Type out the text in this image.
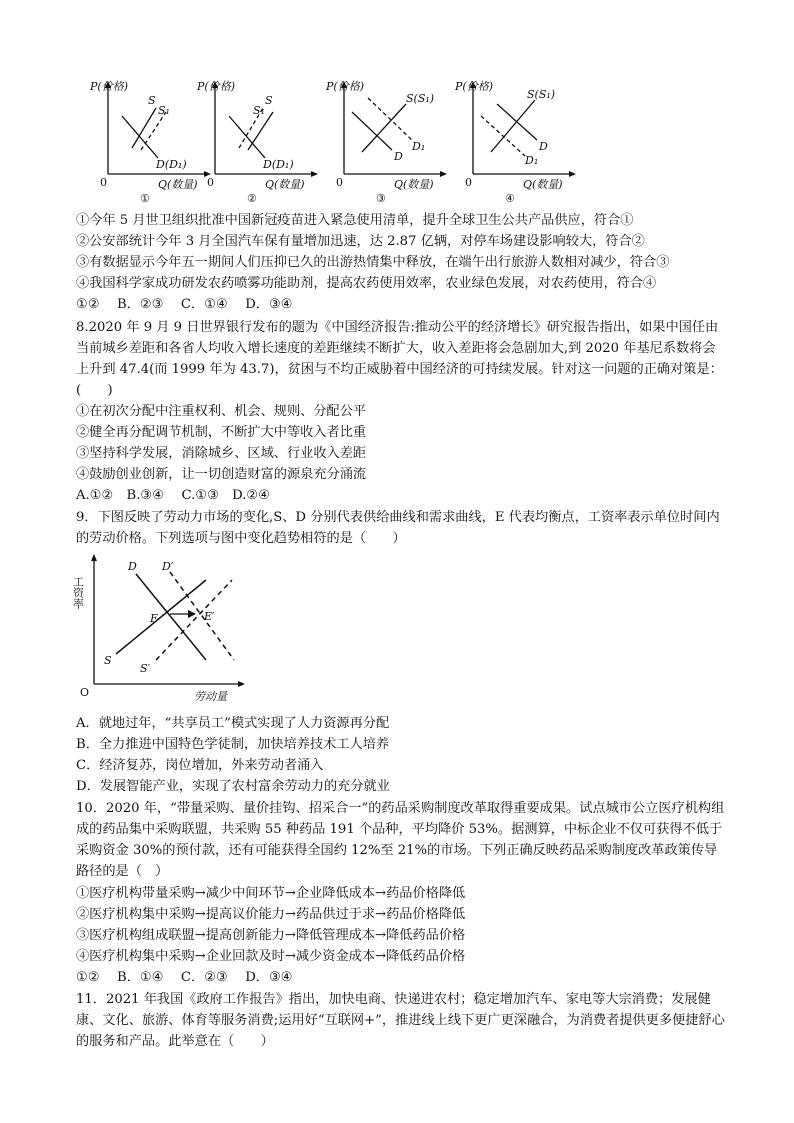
P(价格)
Q(数量)
0
S
S₁
D(D₁)
①
P(价格)
Q(数量)
0
S
S₁
D(D₁)
②
P(价格)
Q(数量)
0
S(S₁)
D₁
D
③
P(价格)
Q(数量)
0
S(S₁)
D
D₁
④
①今年 5 月世卫组织批准中国新冠疫苗进入紧急使用清单，提升全球卫生公共产品供应，符合①
②公安部统计今年 3 月全国汽车保有量增加迅速，达 2.87 亿辆，对停车场建设影响较大，符合②
③有数据显示今年五一期间人们压抑已久的出游热情集中释放，在端午出行旅游人数相对减少，符合③
④我国科学家成功研发农药喷雾功能助剂，提高农药使用效率，农业绿色发展，对农药使用，符合④
①②　 B．②③　 C．①④　 D．③④
8.2020 年 9 月 9 日世界银行发布的题为《中国经济报告:推动公平的经济增长》研究报告指出，如果中国任由当前城乡差距和各省人均收入增长速度的差距继续不断扩大，收入差距将会急剧加大,到 2020 年基尼系数将会上升到 47.4(而 1999 年为 43.7)，贫困与不均正威胁着中国经济的可持续发展。针对这一问题的正确对策是：(　　)
①在初次分配中注重权利、机会、规则、分配公平
②健全再分配调节机制，不断扩大中等收入者比重
③坚持科学发展，消除城乡、区域、行业收入差距
④鼓励创业创新，让一切创造财富的源泉充分涌流
A.①②　B.③④　 C.①③　D.②④
9．下图反映了劳动力市场的变化,S、D 分别代表供给曲线和需求曲线，E 代表均衡点，工资率表示单位时间内的劳动价格。下列选项与图中变化趋势相符的是（　　）
工资率
劳动量
O
D D′
S
S′
E	E′
A．就地过年，“共享员工”模式实现了人力资源再分配
B．全力推进中国特色学徒制，加快培养技术工人培养
C．经济复苏，岗位增加，外来劳动者涌入
D．发展智能产业，实现了农村富余劳动力的充分就业
10．2020 年，“带量采购、量价挂钩、招采合一”的药品采购制度改革取得重要成果。试点城市公立医疗机构组成的药品集中采购联盟，共采购 55 种药品 191 个品种，平均降价 53%。据测算，中标企业不仅可获得不低于采购资金 30%的预付款，还有可能获得全国约 12%至 21%的市场。下列正确反映药品采购制度改革政策传导路径的是（　）
①医疗机构带量采购→减少中间环节→企业降低成本→药品价格降低
②医疗机构集中采购→提高议价能力→药品供过于求→药品价格降低
③医疗机构组成联盟→提高创新能力→降低管理成本→降低药品价格
④医疗机构集中采购→企业回款及时→减少资金成本→降低药品价格
①②　 B．①④　 C．②③　 D．③④
11．2021 年我国《政府工作报告》指出，加快电商、快递进农村；稳定增加汽车、家电等大宗消费；发展健康、文化、旅游、体育等服务消费;运用好“互联网+”，推进线上线下更广更深融合，为消费者提供更多便捷舒心的服务和产品。此举意在（　　）
